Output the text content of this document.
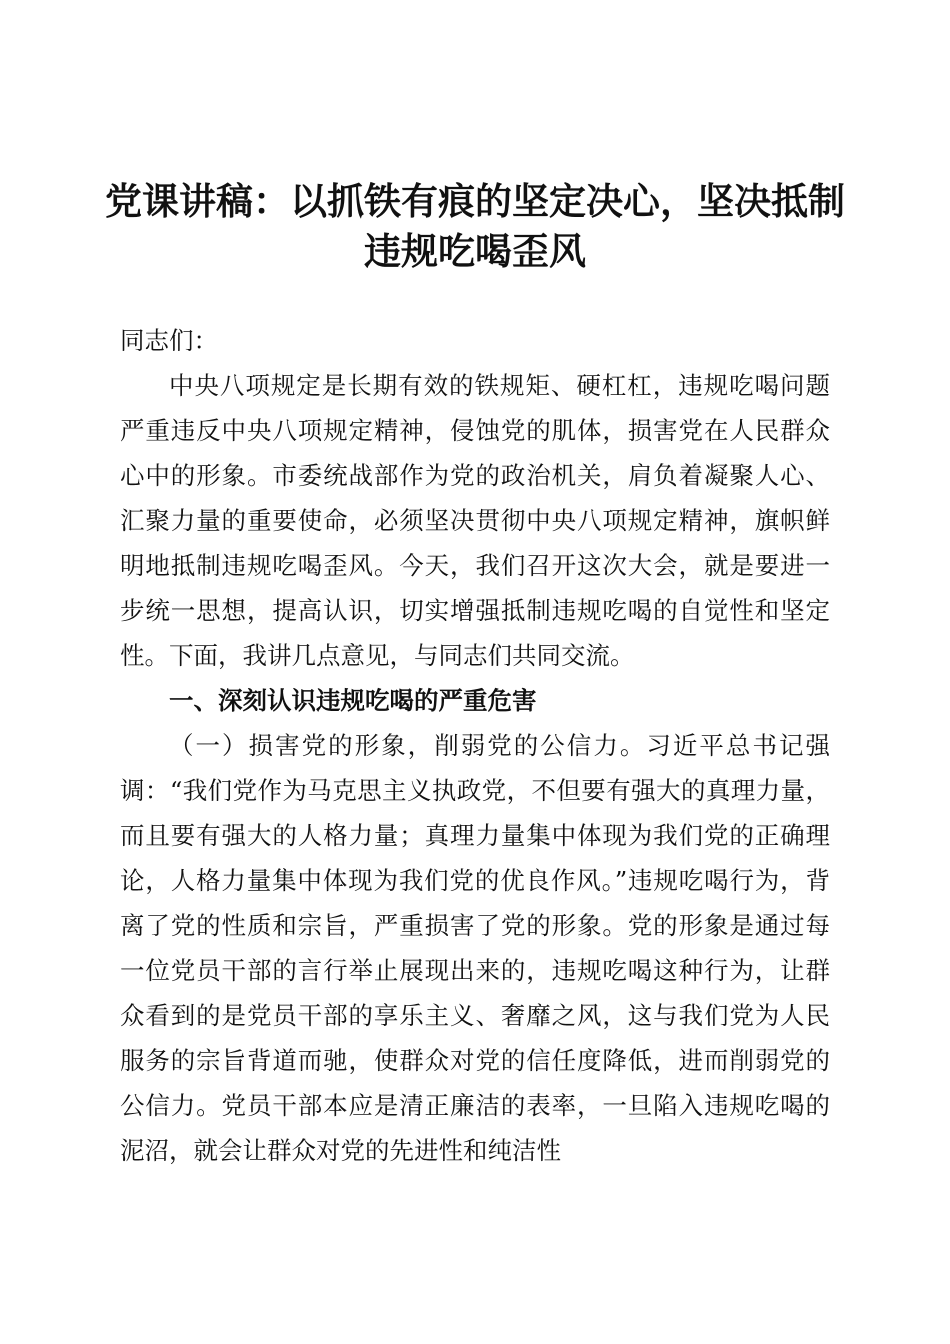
党课讲稿：以抓铁有痕的坚定决心，坚决抵制
违规吃喝歪风

同志们：

中央八项规定是长期有效的铁规矩、硬杠杠，违规吃喝问题严重违反中央八项规定精神，侵蚀党的肌体，损害党在人民群众心中的形象。市委统战部作为党的政治机关，肩负着凝聚人心、汇聚力量的重要使命，必须坚决贯彻中央八项规定精神，旗帜鲜明地抵制违规吃喝歪风。今天，我们召开这次大会，就是要进一步统一思想，提高认识，切实增强抵制违规吃喝的自觉性和坚定性。下面，我讲几点意见，与同志们共同交流。

一、深刻认识违规吃喝的严重危害

（一）损害党的形象，削弱党的公信力。习近平总书记强调：“我们党作为马克思主义执政党，不但要有强大的真理力量，而且要有强大的人格力量；真理力量集中体现为我们党的正确理论，人格力量集中体现为我们党的优良作风。”违规吃喝行为，背离了党的性质和宗旨，严重损害了党的形象。党的形象是通过每一位党员干部的言行举止展现出来的，违规吃喝这种行为，让群众看到的是党员干部的享乐主义、奢靡之风，这与我们党为人民服务的宗旨背道而驰，使群众对党的信任度降低，进而削弱党的公信力。党员干部本应是清正廉洁的表率，一旦陷入违规吃喝的泥沼，就会让群众对党的先进性和纯洁性
